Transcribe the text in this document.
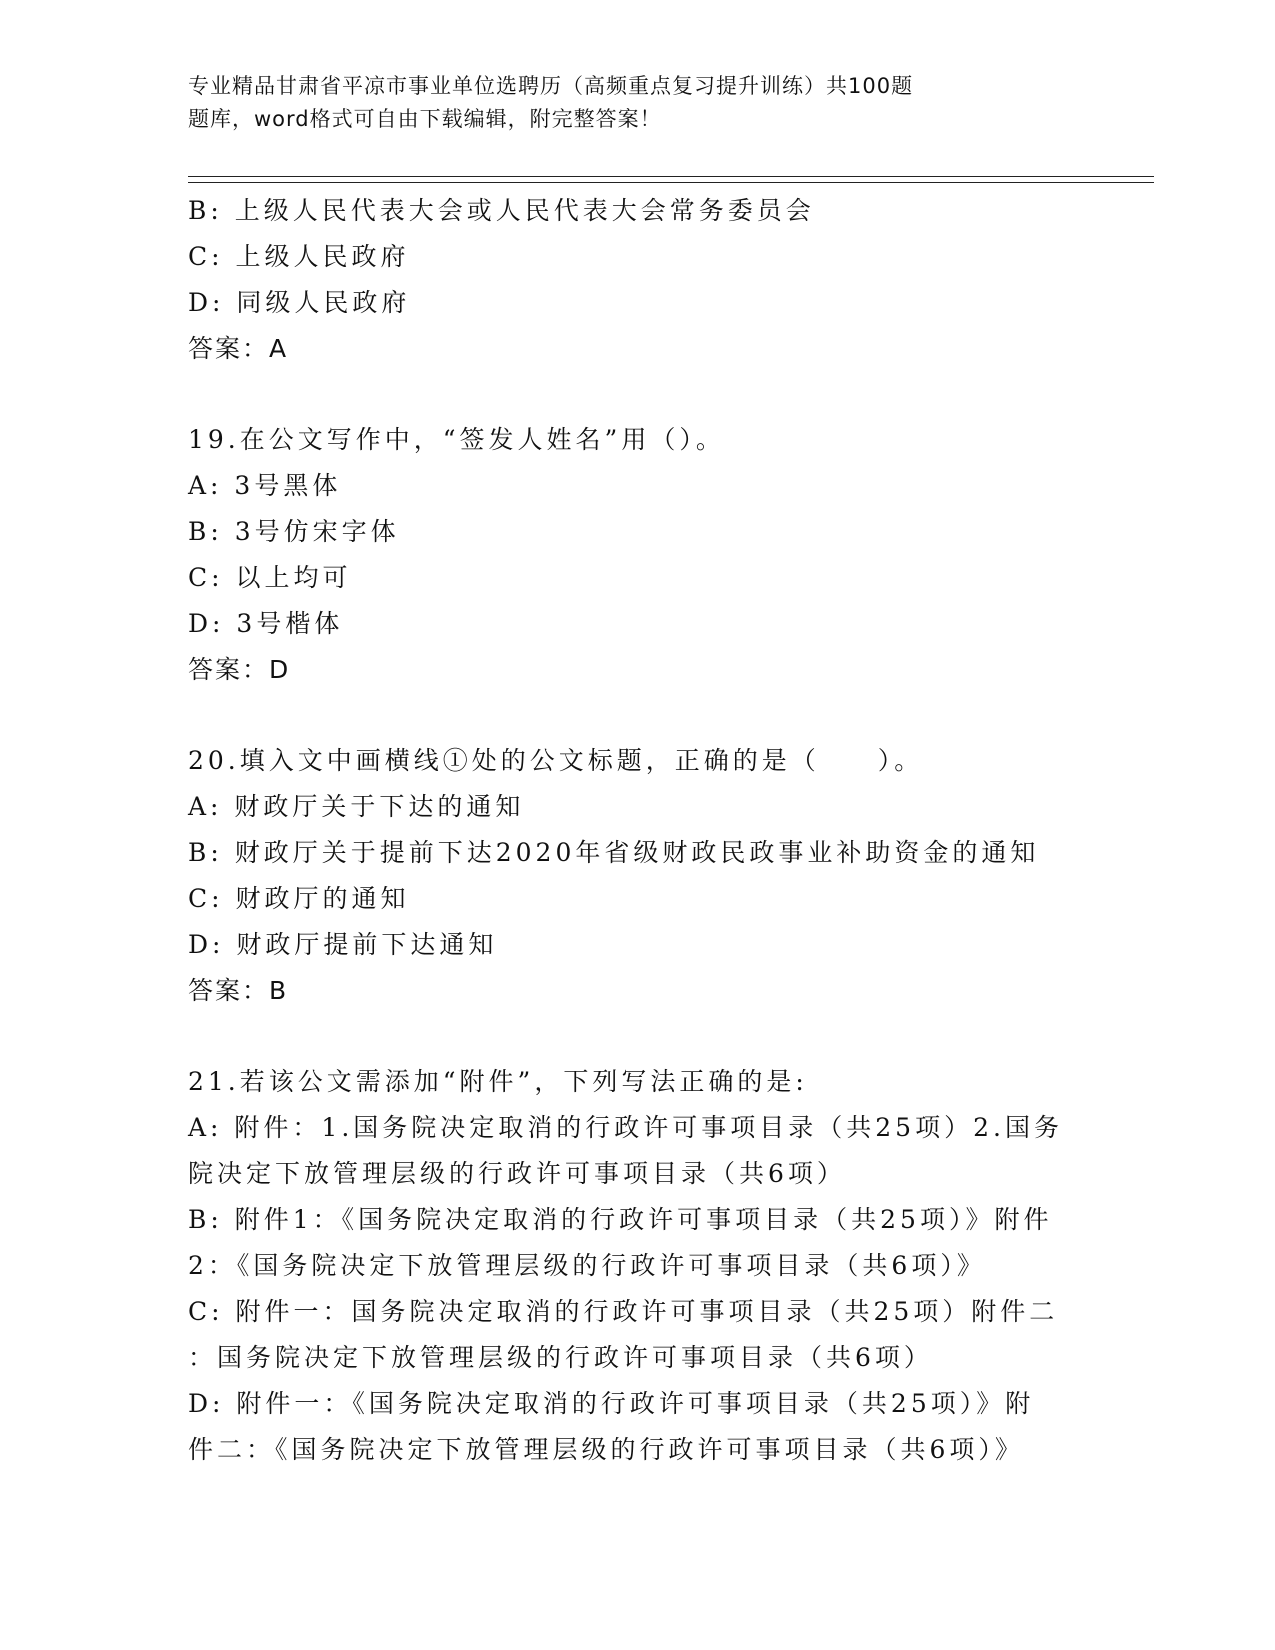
专业精品甘肃省平凉市事业单位选聘历（高频重点复习提升训练）共100题
题库，word格式可自由下载编辑，附完整答案！
B: 上级人民代表大会或人民代表大会常务委员会
C: 上级人民政府
D: 同级人民政府
答案：A
19.在公文写作中，“签发人姓名”用（）。
A: 3号黑体
B: 3号仿宋字体
C: 以上均可
D: 3号楷体
答案：D
20.填入文中画横线①处的公文标题，正确的是（　　）。
A: 财政厅关于下达的通知
B: 财政厅关于提前下达2020年省级财政民政事业补助资金的通知
C: 财政厅的通知
D: 财政厅提前下达通知
答案：B
21.若该公文需添加“附件”，下列写法正确的是:
A: 附件：1.国务院决定取消的行政许可事项目录（共25项）2.国务
院决定下放管理层级的行政许可事项目录（共6项）
B: 附件1：《国务院决定取消的行政许可事项目录（共25项）》附件
2：《国务院决定下放管理层级的行政许可事项目录（共6项）》
C: 附件一：国务院决定取消的行政许可事项目录（共25项）附件二
：国务院决定下放管理层级的行政许可事项目录（共6项）
D: 附件一：《国务院决定取消的行政许可事项目录（共25项）》附
件二：《国务院决定下放管理层级的行政许可事项目录（共6项）》
